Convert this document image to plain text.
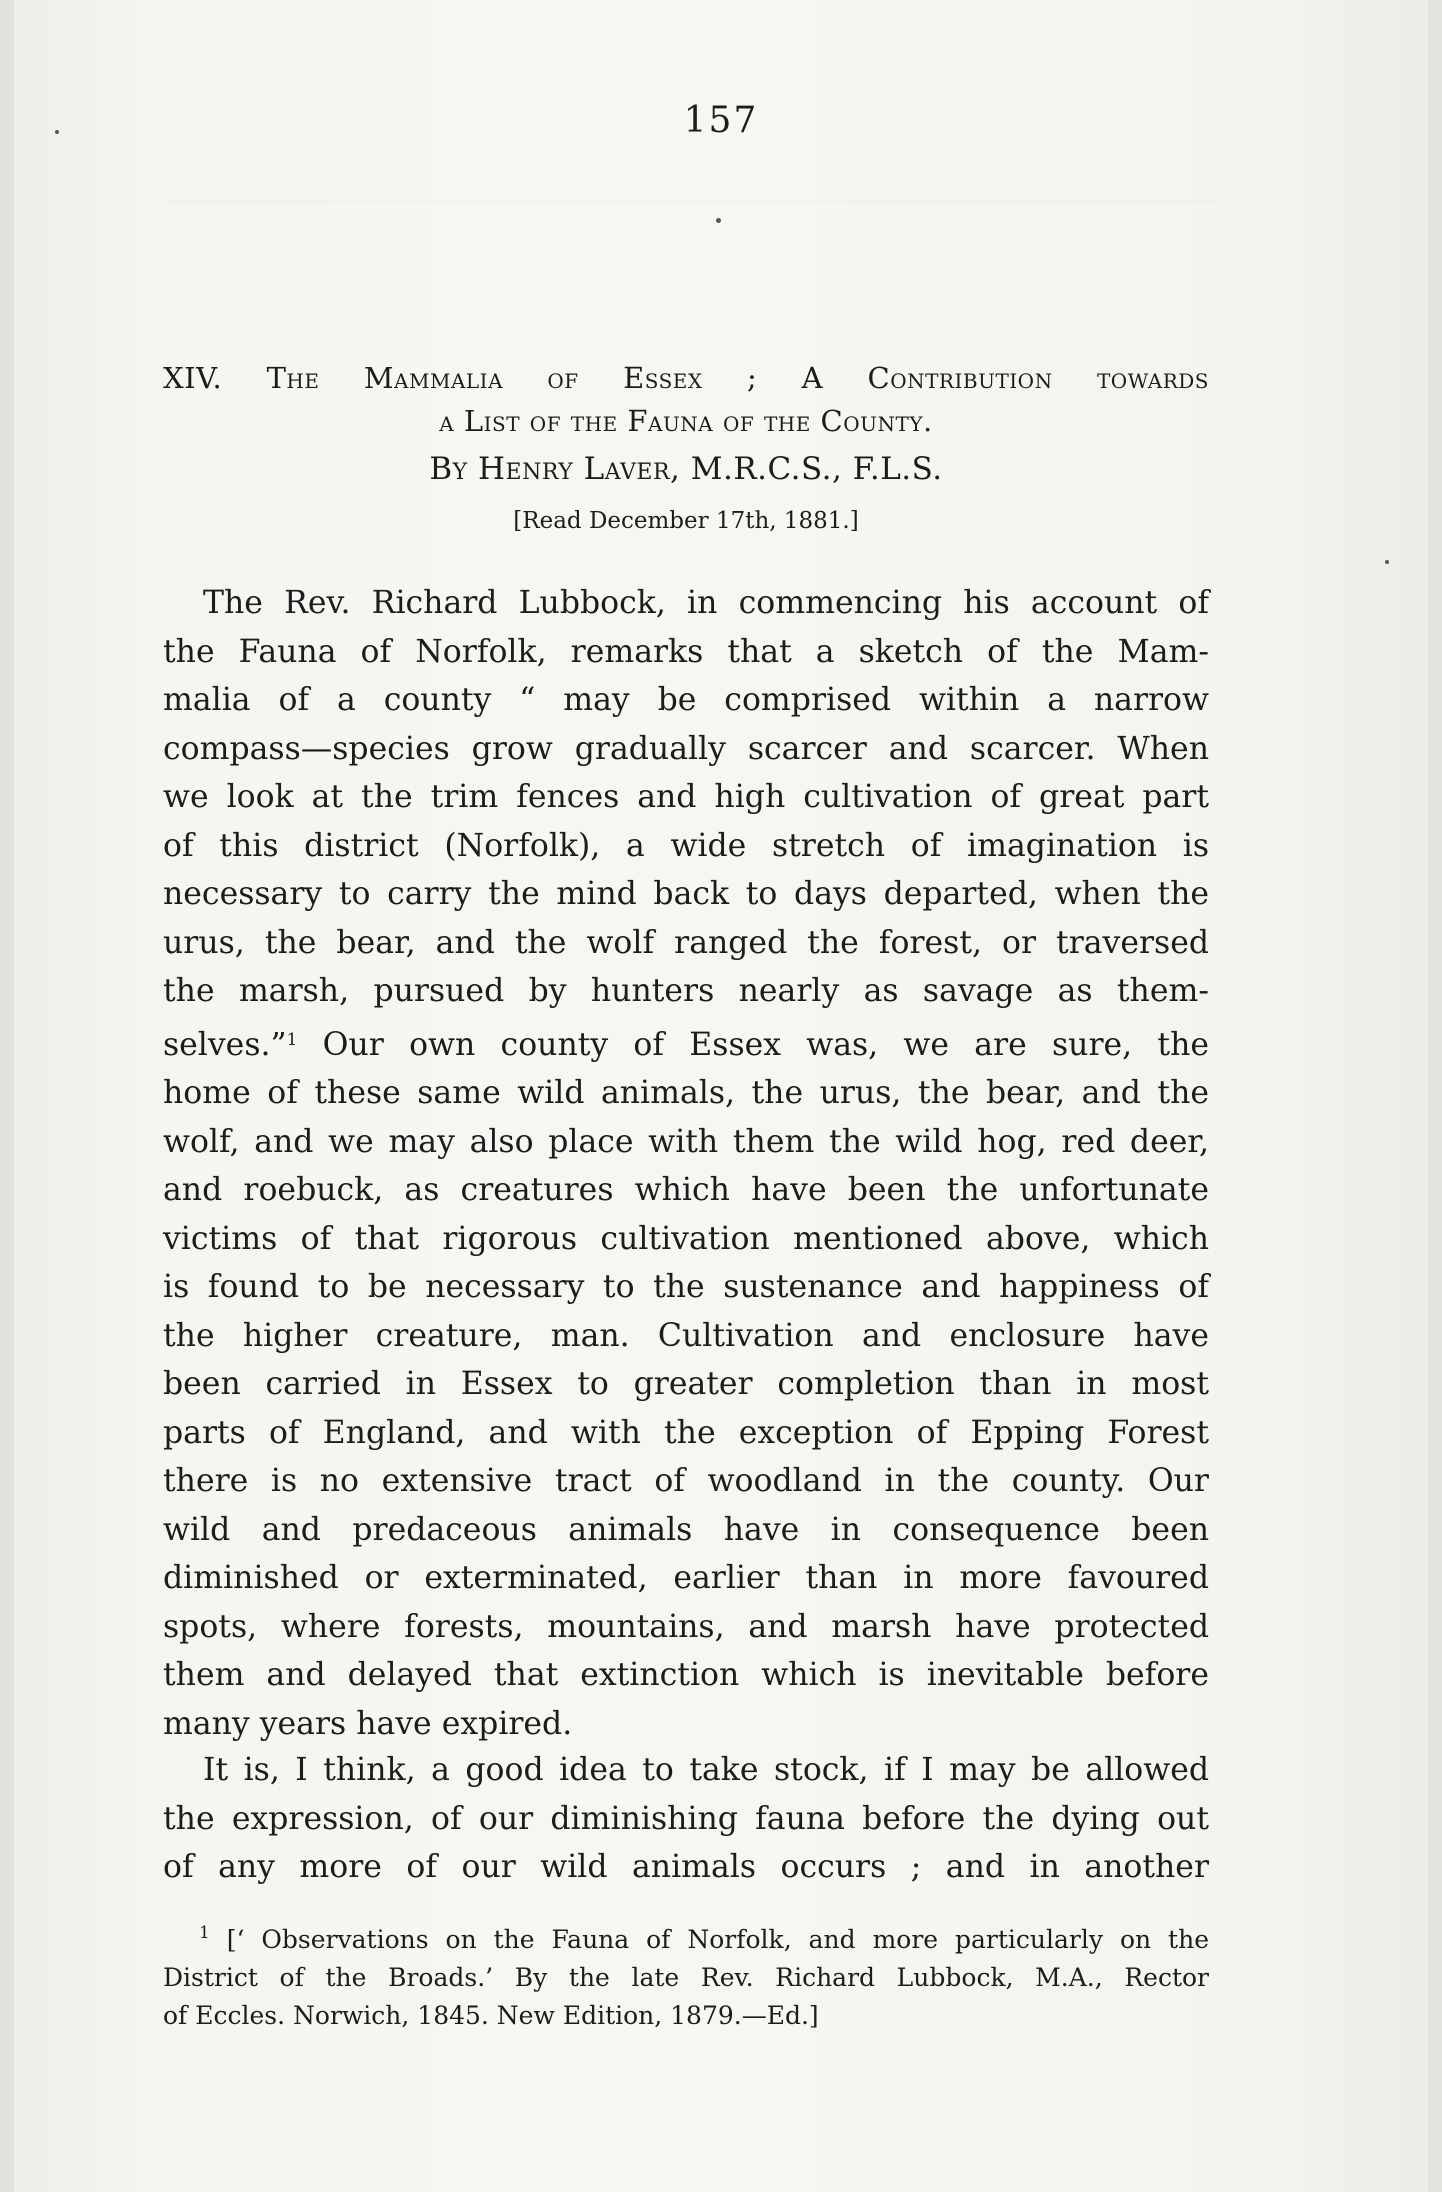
157
XIV. The Mammalia of Essex ; A Contribution towards
a List of the Fauna of the County.
By Henry Laver, M.R.C.S., F.L.S.
[Read December 17th, 1881.]
The Rev. Richard Lubbock, in commencing his account of
the Fauna of Norfolk, remarks that a sketch of the Mam-
malia of a county “ may be comprised within a narrow
compass—species grow gradually scarcer and scarcer. When
we look at the trim fences and high cultivation of great part
of this district (Norfolk), a wide stretch of imagination is
necessary to carry the mind back to days departed, when the
urus, the bear, and the wolf ranged the forest, or traversed
the marsh, pursued by hunters nearly as savage as them-
selves.”$^1$ Our own county of Essex was, we are sure, the
home of these same wild animals, the urus, the bear, and the
wolf, and we may also place with them the wild hog, red deer,
and roebuck, as creatures which have been the unfortunate
victims of that rigorous cultivation mentioned above, which
is found to be necessary to the sustenance and happiness of
the higher creature, man. Cultivation and enclosure have
been carried in Essex to greater completion than in most
parts of England, and with the exception of Epping Forest
there is no extensive tract of woodland in the county. Our
wild and predaceous animals have in consequence been
diminished or exterminated, earlier than in more favoured
spots, where forests, mountains, and marsh have protected
them and delayed that extinction which is inevitable before
many years have expired.
It is, I think, a good idea to take stock, if I may be allowed
the expression, of our diminishing fauna before the dying out
of any more of our wild animals occurs ; and in another
$^1$ [‘ Observations on the Fauna of Norfolk, and more particularly on the
District of the Broads.’ By the late Rev. Richard Lubbock, M.A., Rector
of Eccles. Norwich, 1845. New Edition, 1879.—Ed.]
